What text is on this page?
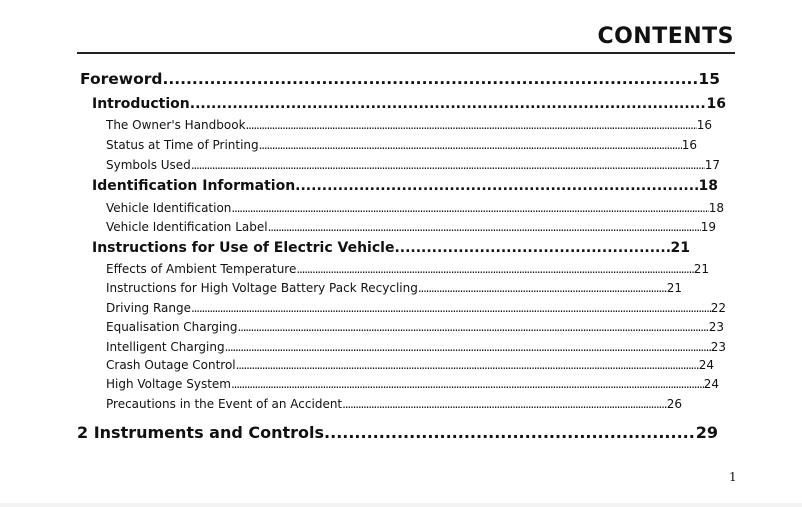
CONTENTS
Foreword .....	15
Introduction .....	16
The Owner's Handbook .....	16
Status at Time of Printing .....	16
Symbols Used .....	17
Identification Information .....	18
Vehicle Identification .....	18
Vehicle Identification Label .....	19
Instructions for Use of Electric Vehicle .....	21
Effects of Ambient Temperature .....	21
Instructions for High Voltage Battery Pack Recycling .....	21
Driving Range .....	22
Equalisation Charging .....	23
Intelligent Charging .....	23
Crash Outage Control .....	24
High Voltage System .....	24
Precautions in the Event of an Accident .....	26
2 Instruments and Controls .....	29
1
